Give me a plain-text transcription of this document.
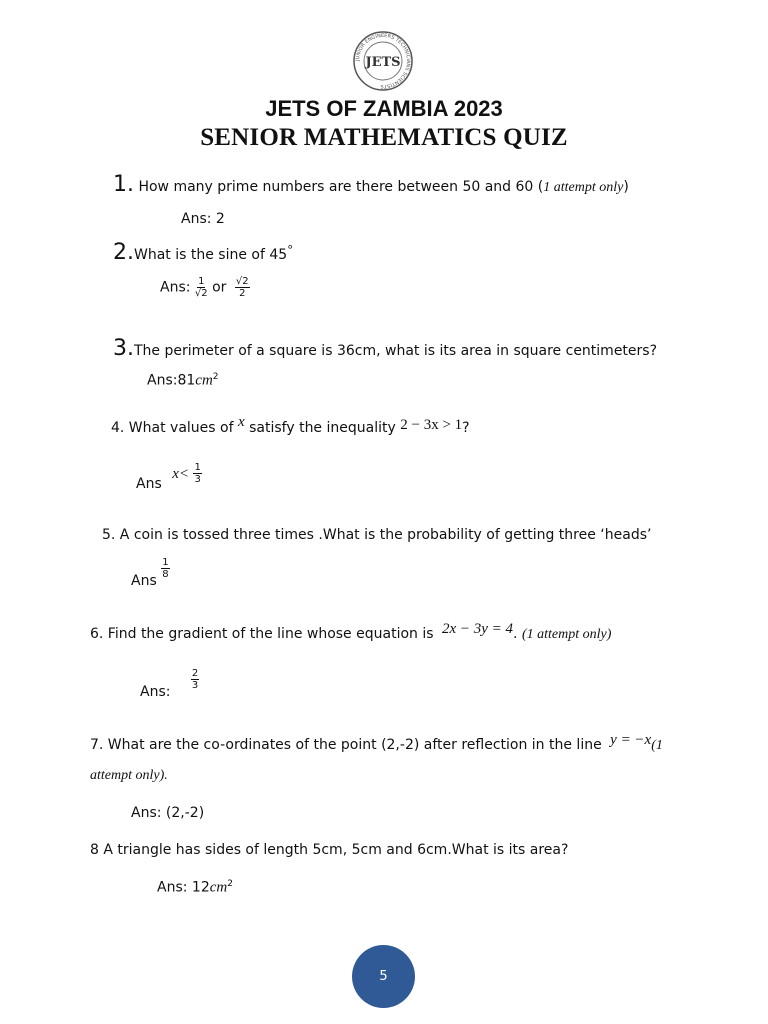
JUNIOR ENGINEERS TECHNICIANS SCIENTISTS
JETS
JETS OF ZAMBIA 2023
SENIOR MATHEMATICS QUIZ
1. How many prime numbers are there between 50 and 60 (1 attempt only)
Ans: 2
2.What is the sine of 45°
Ans: $\frac{1}{√2}$ or $\frac{√2}{2}$
3.The perimeter of a square is 36cm, what is its area in square centimeters?
$Ans:81cm^2$
4. What values of x satisfy the inequality 2 − 3x > 1?
Ans $x< \frac{1}{3}$
5. A coin is tossed three times .What is the probability of getting three ‘heads’
Ans
$\frac{1}{8}$
6. Find the gradient of the line whose equation is 2x − 3y = 4. (1 attempt only)
Ans:
$\frac{2}{3}$
7. What are the co-ordinates of the point (2,-2) after reflection in the line y = −x(1
attempt only).
Ans: (2,-2)
8 A triangle has sides of length 5cm, 5cm and 6cm.What is its area?
Ans: $12cm^2$
5
